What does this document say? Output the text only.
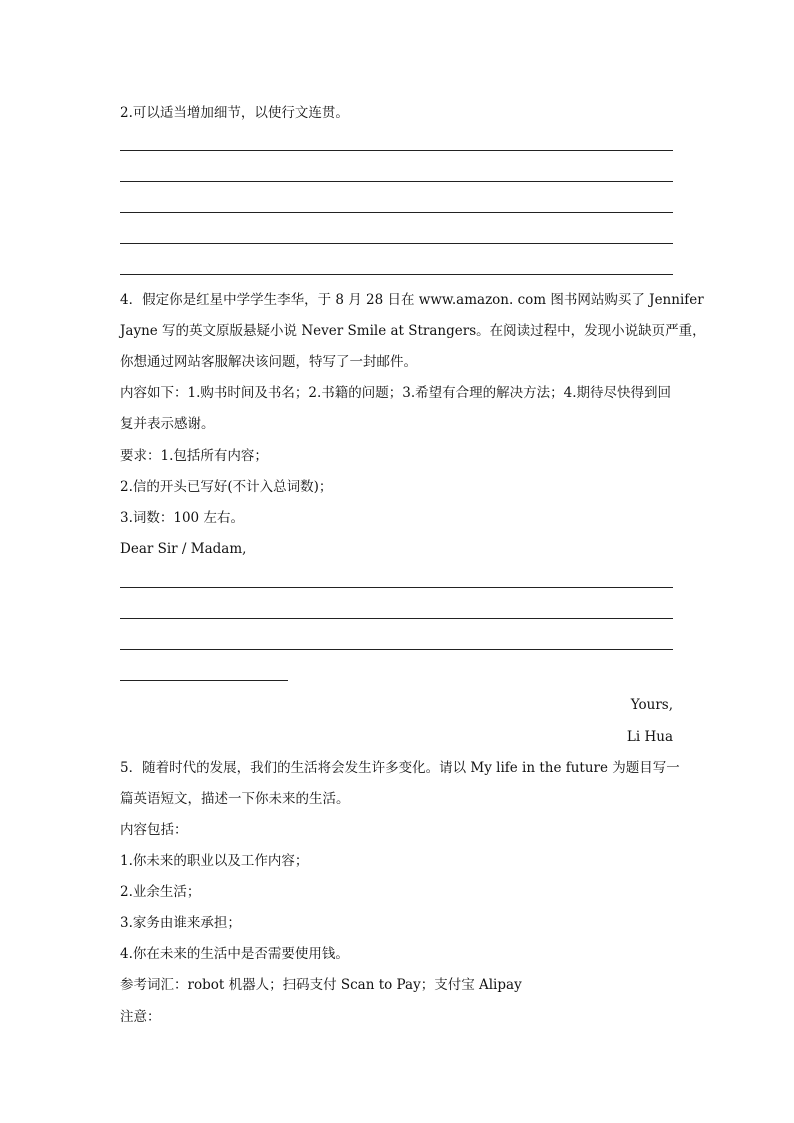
2.可以适当增加细节，以使行文连贯。
4．假定你是红星中学学生李华，于 8 月 28 日在 www.amazon. com 图书网站购买了 Jennifer
Jayne 写的英文原版悬疑小说 Never Smile at Strangers。在阅读过程中，发现小说缺页严重，
你想通过网站客服解决该问题，特写了一封邮件。
内容如下：1.购书时间及书名；2.书籍的问题；3.希望有合理的解决方法；4.期待尽快得到回
复并表示感谢。
要求：1.包括所有内容；
2.信的开头已写好(不计入总词数)；
3.词数：100 左右。
Dear Sir / Madam,
Yours,
Li Hua
5．随着时代的发展，我们的生活将会发生许多变化。请以 My life in the future 为题目写一
篇英语短文，描述一下你未来的生活。
内容包括：
1.你未来的职业以及工作内容；
2.业余生活；
3.家务由谁来承担；
4.你在未来的生活中是否需要使用钱。
参考词汇：robot 机器人；扫码支付 Scan to Pay；支付宝 Alipay
注意：
